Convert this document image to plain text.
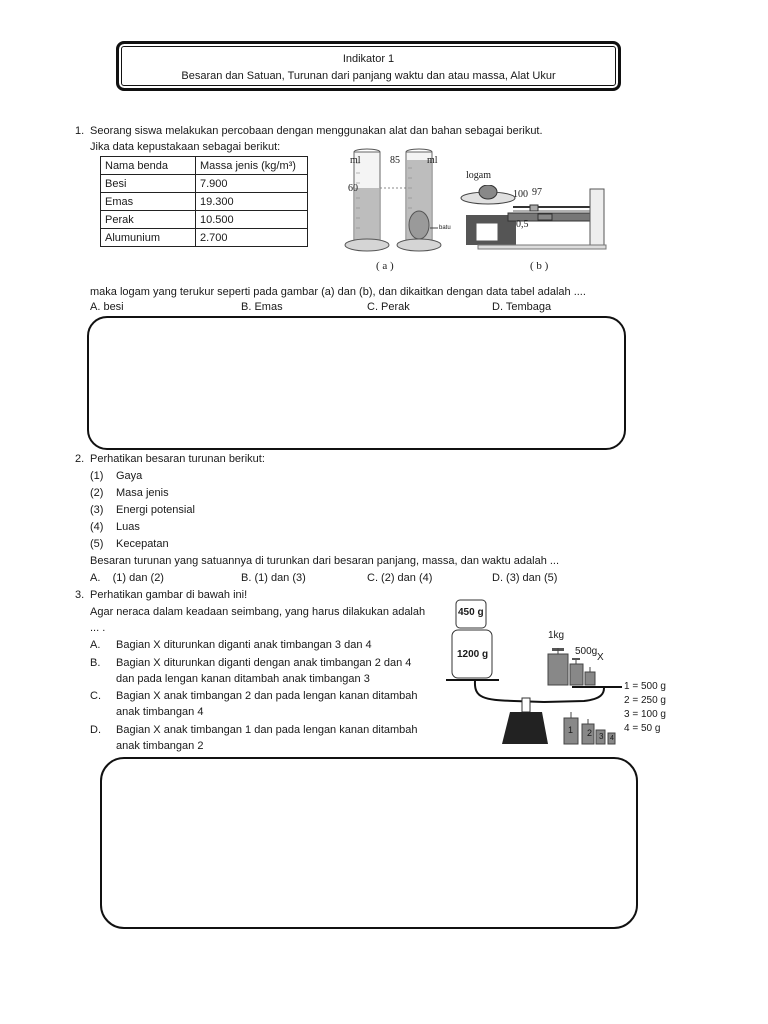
Indikator 1
Besaran dan Satuan, Turunan dari panjang waktu dan atau massa, Alat Ukur
1. Seorang siswa melakukan percobaan dengan menggunakan alat dan bahan sebagai berikut.
Jika data kepustakaan sebagai berikut:
Nama benda	Massa jenis (kg/m³)
Besi	7.900
Emas	19.300
Perak	10.500
Alumunium	2.700
ml	85	ml
60
batu
( a )
logam
100 97
0,5
( b )
maka logam yang terukur seperti pada gambar (a) dan (b), dan dikaitkan dengan data tabel adalah ....
A. besi	B. Emas	C. Perak	D. Tembaga
2. Perhatikan besaran turunan berikut:
(1) Gaya
(2) Masa jenis
(3) Energi potensial
(4) Luas
(5) Kecepatan
Besaran turunan yang satuannya di turunkan dari besaran panjang, massa, dan waktu adalah ...
A.    (1) dan (2)	B. (1) dan (3)	C. (2) dan (4)	D. (3) dan (5)
3. Perhatikan gambar di bawah ini!
Agar neraca dalam keadaan seimbang, yang harus dilakukan adalah
... .
A. Bagian X diturunkan diganti anak timbangan 3 dan 4
B. Bagian X diturunkan diganti dengan anak timbangan 2 dan 4
dan pada lengan kanan ditambah anak timbangan 3
C. Bagian X anak timbangan 2 dan pada lengan kanan ditambah
anak timbangan 4
D. Bagian X anak timbangan 1 dan pada lengan kanan ditambah
anak timbangan 2
450 g
1200 g
1kg
500g
X
1 2 3 4
1 = 500 g
2 = 250 g
3 = 100 g
4 = 50 g
